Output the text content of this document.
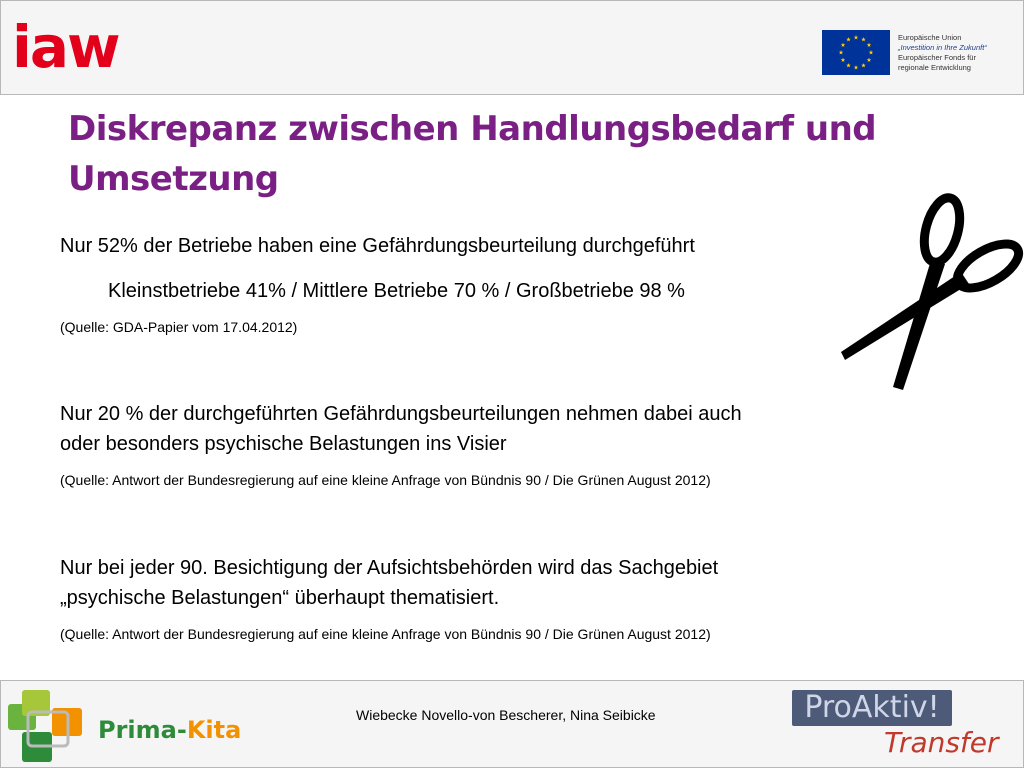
iaw	Europäische Union
„Investition in Ihre Zukunft“
Europäischer Fonds für
regionale Entwicklung
Diskrepanz zwischen Handlungsbedarf und
Umsetzung
Nur 52% der Betriebe haben eine Gefährdungsbeurteilung durchgeführt
Kleinstbetriebe 41% / Mittlere Betriebe 70 % / Großbetriebe 98 %
(Quelle: GDA-Papier vom 17.04.2012)
Nur 20 % der durchgeführten Gefährdungsbeurteilungen nehmen dabei auch
oder besonders psychische Belastungen ins Visier
(Quelle: Antwort der Bundesregierung auf eine kleine Anfrage von Bündnis 90 / Die Grünen August 2012)
Nur bei jeder 90. Besichtigung der Aufsichtsbehörden wird das Sachgebiet
„psychische Belastungen“ überhaupt thematisiert.
(Quelle: Antwort der Bundesregierung auf eine kleine Anfrage von Bündnis 90 / Die Grünen August 2012)
Prima-Kita
Wiebecke Novello-von Bescherer, Nina Seibicke	ProAktiv!
Transfer
